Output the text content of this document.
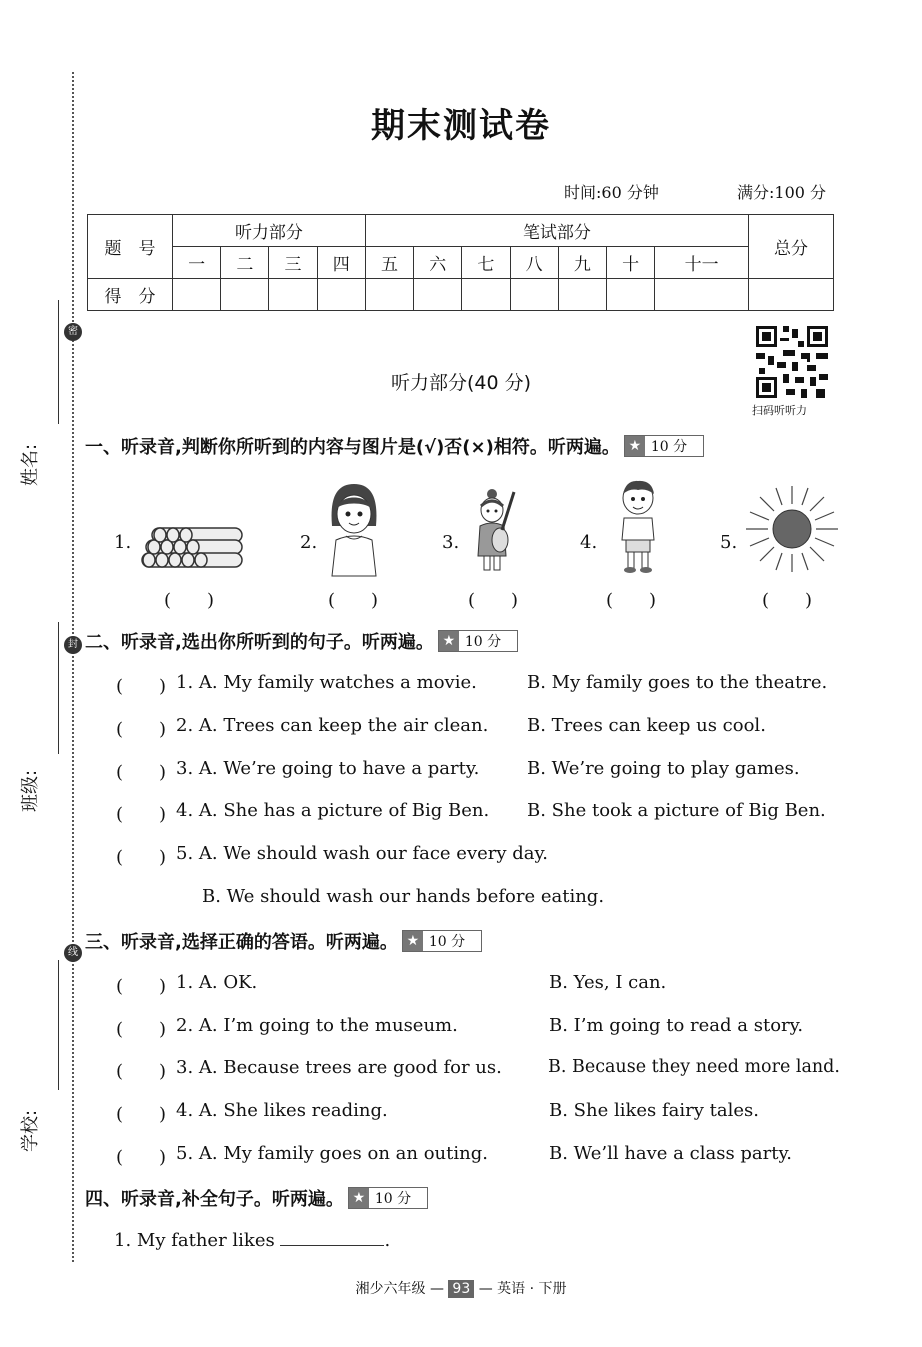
密
封
线
姓名:
班级:
学校:
期末测试卷
时间:60 分钟	满分:100 分
题　号	听力部分				笔试部分							总分
	一	二	三	四	五	六	七	八	九	十	十一	
得　分												
扫码听听力
听力部分(40 分)
一、听录音,判断你所听到的内容与图片是(√)否(×)相符。听两遍。 ★ 10 分
1.	2.	3.	4.	5.
(　　)	(　　)	(　　)	(　　)	(　　)
二、听录音,选出你所听到的句子。听两遍。 ★ 10 分
(　　) 1. A. My family watches a movie.	B. My family goes to the theatre.
(　　) 2. A. Trees can keep the air clean. B. Trees can keep us cool.
(　　) 3. A. We’re going to have a party.	B. We’re going to play games.
(　　) 4. A. She has a picture of Big Ben. B. She took a picture of Big Ben.
(　　) 5. A. We should wash our face every day.
B. We should wash our hands before eating.
三、听录音,选择正确的答语。听两遍。 ★ 10 分
(　　) 1. A. OK.	B. Yes, I can.
(　　) 2. A. I’m going to the museum.	B. I’m going to read a story.
(　　) 3. A. Because trees are good for us.	B. Because they need more land.
(　　) 4. A. She likes reading.	B. She likes fairy tales.
(　　) 5. A. My family goes on an outing.	B. We’ll have a class party.
四、听录音,补全句子。听两遍。 ★ 10 分
1. My father likes	.
湘少六年级 — 93 — 英语 · 下册
